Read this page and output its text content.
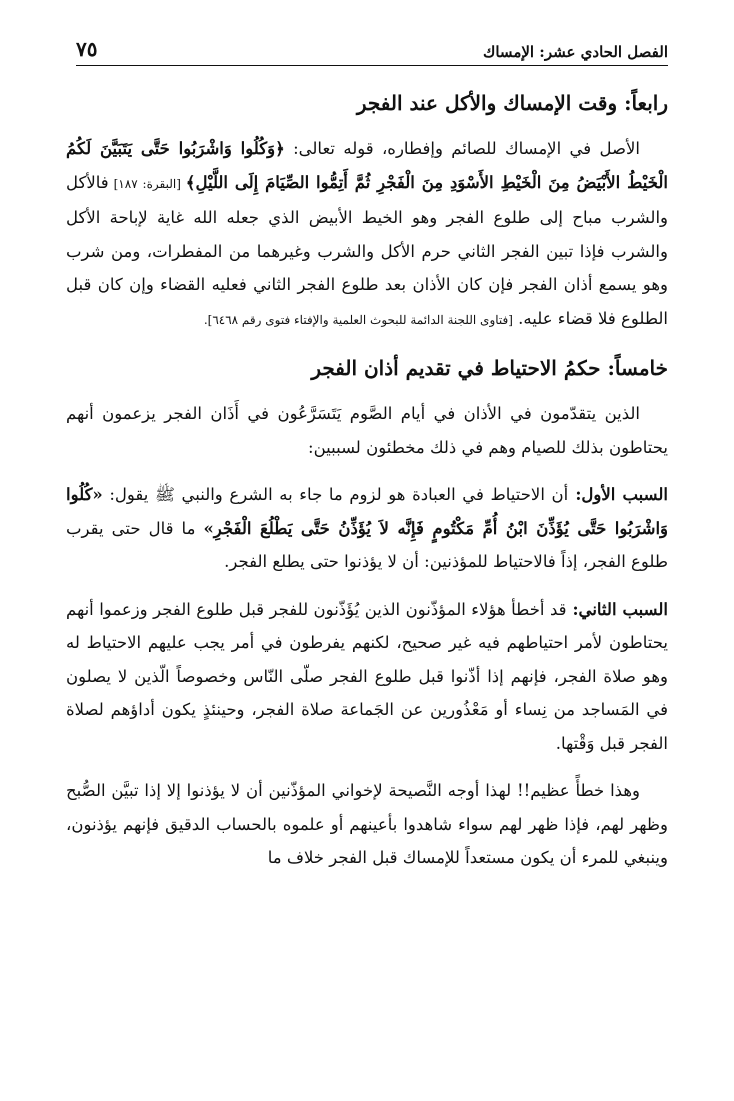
الفصل الحادي عشر: الإمساك
٧٥
رابعاً: وقت الإمساك والأكل عند الفجر

الأصل في الإمساك للصائم وإفطاره، قوله تعالى: ﴿وَكُلُوا وَاشْرَبُوا حَتَّى يَتَبَيَّنَ لَكُمُ الْخَيْطُ الأَبْيَضُ مِنَ الْخَيْطِ الأَسْوَدِ مِنَ الْفَجْرِ ثُمَّ أَتِمُّوا الصِّيَامَ إِلَى اللَّيْلِ﴾ [البقرة: ١٨٧] فالأكل والشرب مباح إلى طلوع الفجر وهو الخيط الأبيض الذي جعله الله غاية لإباحة الأكل والشرب فإذا تبين الفجر الثاني حرم الأكل والشرب وغيرهما من المفطرات، ومن شرب وهو يسمع أذان الفجر فإن كان الأذان بعد طلوع الفجر الثاني فعليه القضاء وإن كان قبل الطلوع فلا قضاء عليه. [فتاوى اللجنة الدائمة للبحوث العلمية والإفتاء فتوى رقم ٦٤٦٨].

خامساً: حكمُ الاحتياط في تقديم أذان الفجر

الذين يتقدّمون في الأذان في أيام الصَّوم يَتَسَرَّعُون في أَذَان الفجر يزعمون أنهم يحتاطون بذلك للصيام وهم في ذلك مخطئون لسببين:

السبب الأول: أن الاحتياط في العبادة هو لزوم ما جاء به الشرع والنبي ﷺ يقول: «كُلُوا وَاشْرَبُوا حَتَّى يُؤَذِّنَ ابْنُ أُمِّ مَكْتُومٍ فَإِنَّه لاَ يُؤَذِّنُ حَتَّى يَطْلُعَ الْفَجْرِ» ما قال حتى يقرب طلوع الفجر، إذاً فالاحتياط للمؤذنين: أن لا يؤذنوا حتى يطلع الفجر.

السبب الثاني: قد أخطأ هؤلاء المؤذّنون الذين يُؤَذّنون للفجر قبل طلوع الفجر وزعموا أنهم يحتاطون لأمر احتياطهم فيه غير صحيح، لكنهم يفرطون في أمر يجب عليهم الاحتياط له وهو صلاة الفجر، فإنهم إذا أذّنوا قبل طلوع الفجر صلّى النّاس وخصوصاً الّذين لا يصلون في المَساجد من نِساء أو مَعْذُورين عن الجَماعة صلاة الفجر، وحينئذٍ يكون أداؤهم لصلاة الفجر قبل وَقْتها.

وهذا خطأً عظيم!! لهذا أوجه النَّصيحة لإخواني المؤذّنين أن لا يؤذنوا إلا إذا تبيَّن الصُّبح وظهر لهم، فإذا ظهر لهم سواء شاهدوا بأعينهم أو علموه بالحساب الدقيق فإنهم يؤذنون، وينبغي للمرء أن يكون مستعداً للإمساك قبل الفجر خلاف ما
